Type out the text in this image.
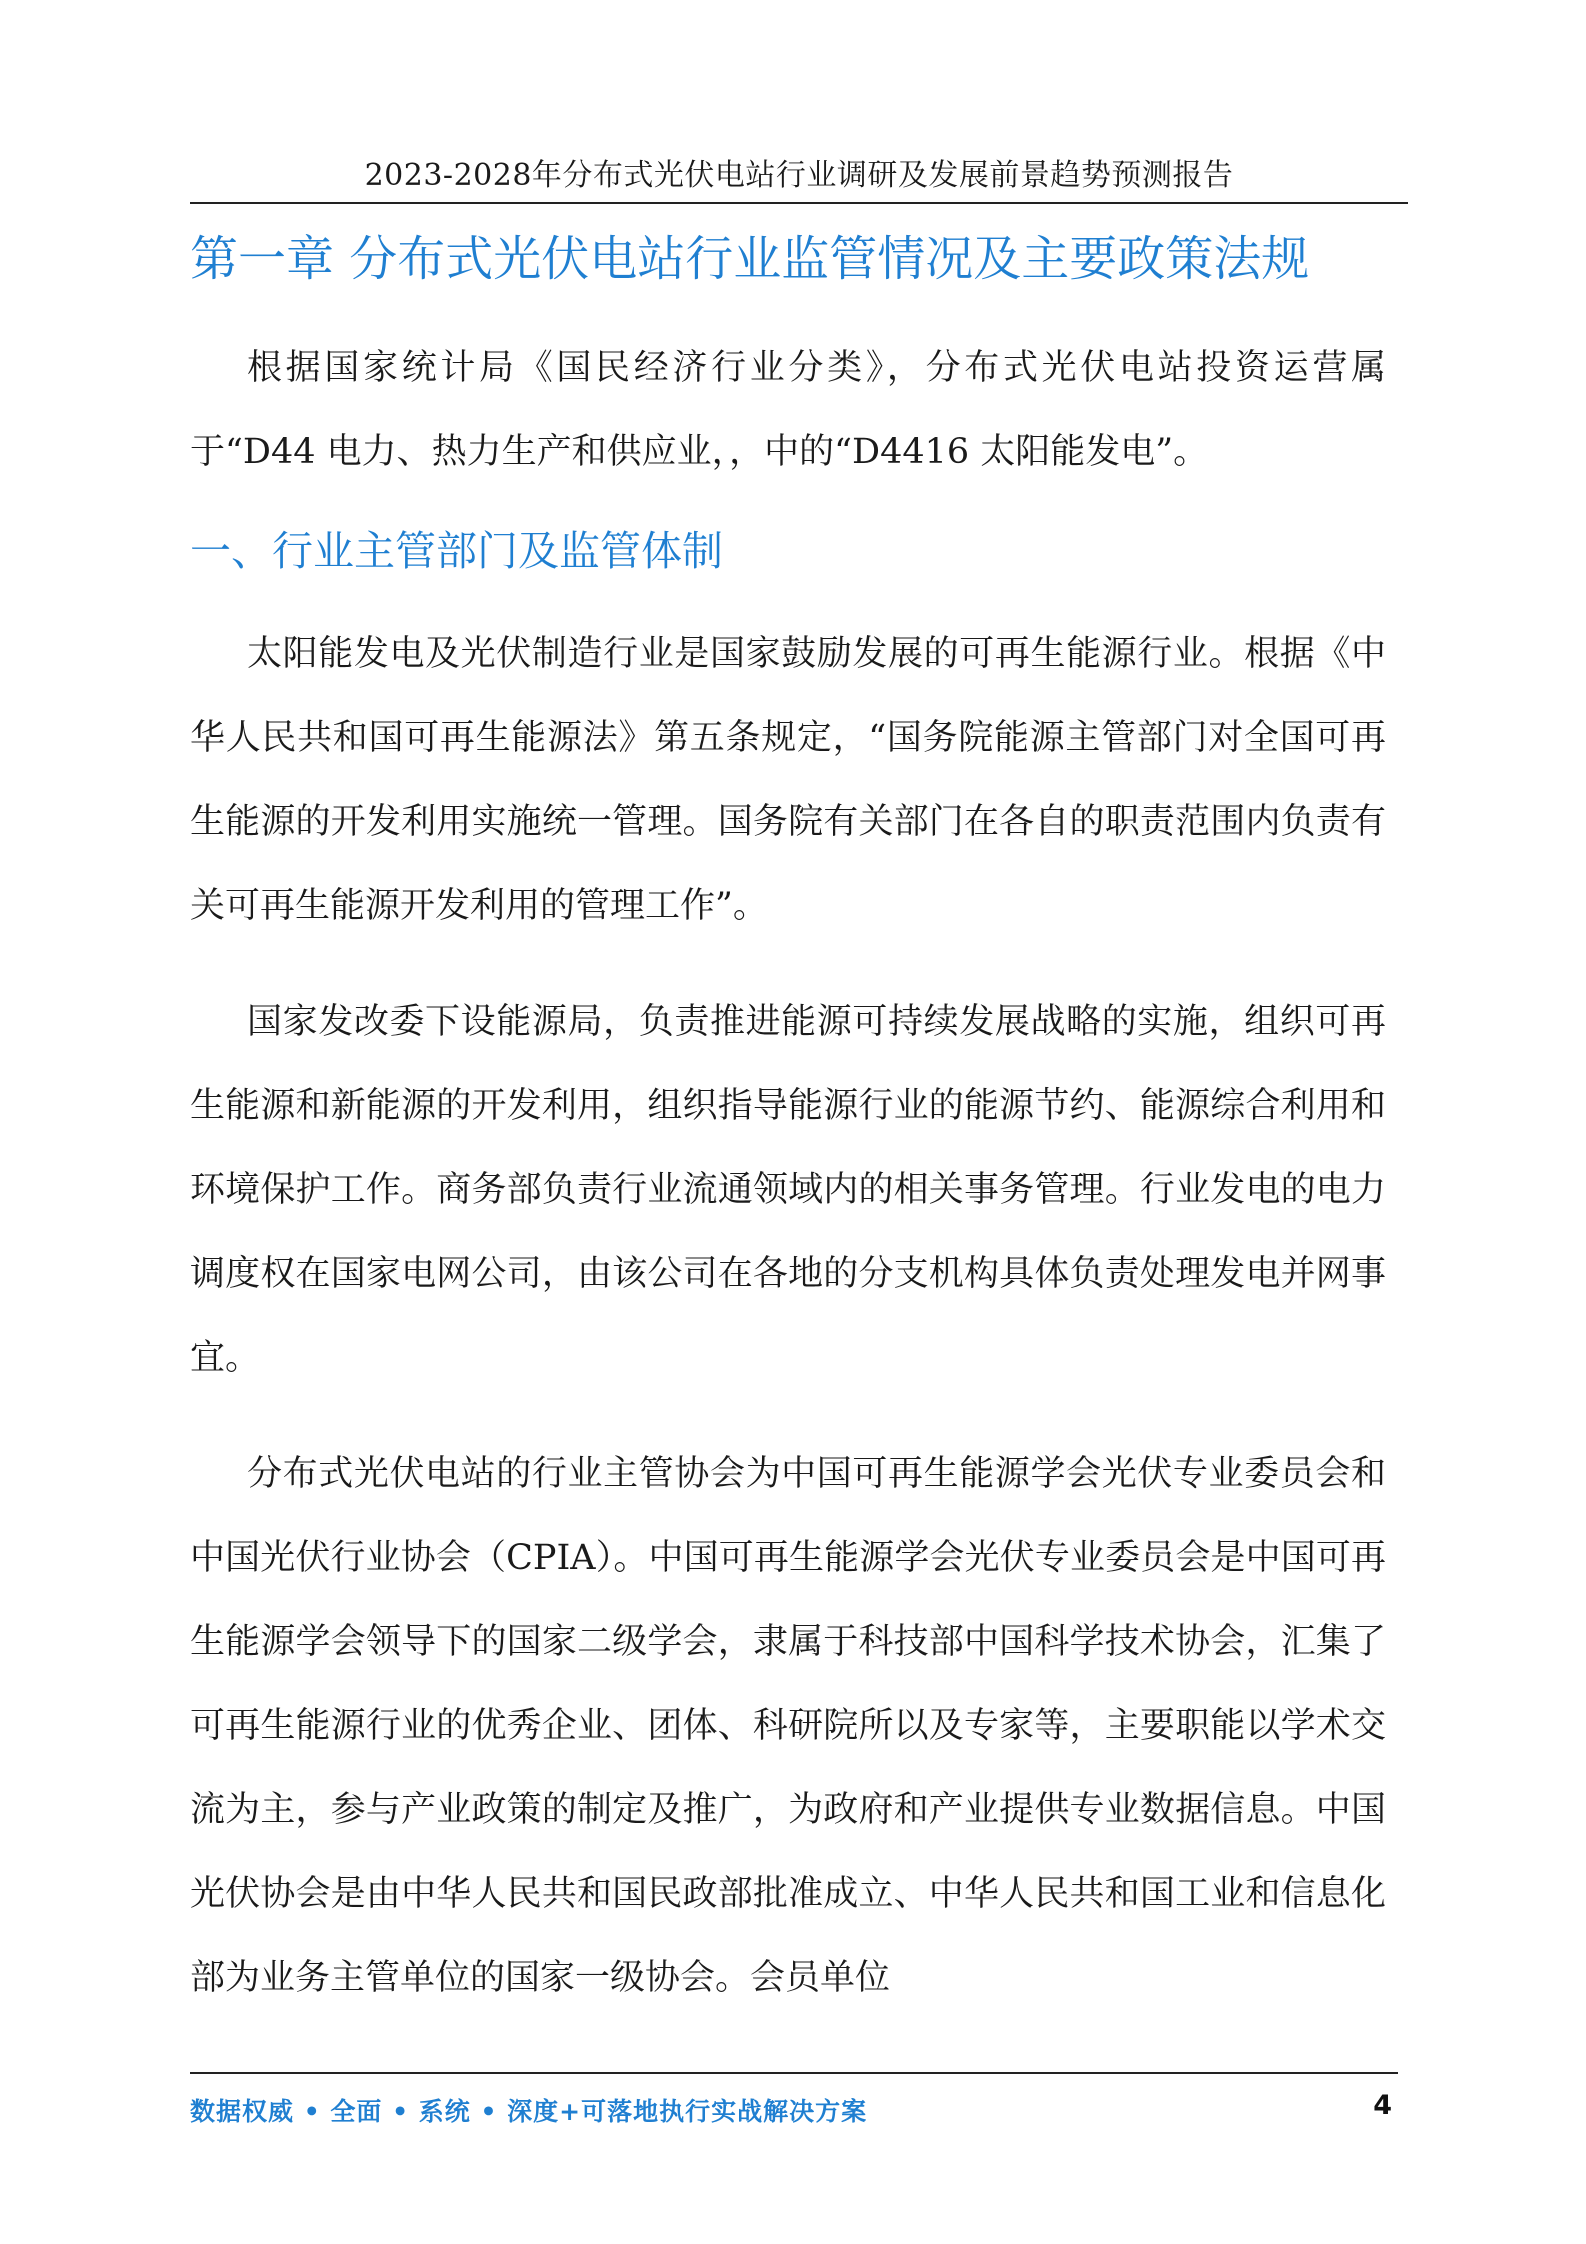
2023-2028年分布式光伏电站行业调研及发展前景趋势预测报告
第一章 分布式光伏电站行业监管情况及主要政策法规

根据国家统计局《国民经济行业分类》，分布式光伏电站投资运营属于“D44 电力、热力生产和供应业，，中的“D4416 太阳能发电”。

一、行业主管部门及监管体制

太阳能发电及光伏制造行业是国家鼓励发展的可再生能源行业。根据《中华人民共和国可再生能源法》第五条规定，“国务院能源主管部门对全国可再生能源的开发利用实施统一管理。国务院有关部门在各自的职责范围内负责有关可再生能源开发利用的管理工作”。

国家发改委下设能源局，负责推进能源可持续发展战略的实施，组织可再生能源和新能源的开发利用，组织指导能源行业的能源节约、能源综合利用和环境保护工作。商务部负责行业流通领域内的相关事务管理。行业发电的电力调度权在国家电网公司，由该公司在各地的分支机构具体负责处理发电并网事宜。

分布式光伏电站的行业主管协会为中国可再生能源学会光伏专业委员会和中国光伏行业协会（CPIA）。中国可再生能源学会光伏专业委员会是中国可再生能源学会领导下的国家二级学会，隶属于科技部中国科学技术协会，汇集了可再生能源行业的优秀企业、团体、科研院所以及专家等，主要职能以学术交流为主，参与产业政策的制定及推广，为政府和产业提供专业数据信息。中国光伏协会是由中华人民共和国民政部批准成立、中华人民共和国工业和信息化部为业务主管单位的国家一级协会。会员单位

数据权威 • 全面 • 系统 • 深度+可落地执行实战解决方案	4
